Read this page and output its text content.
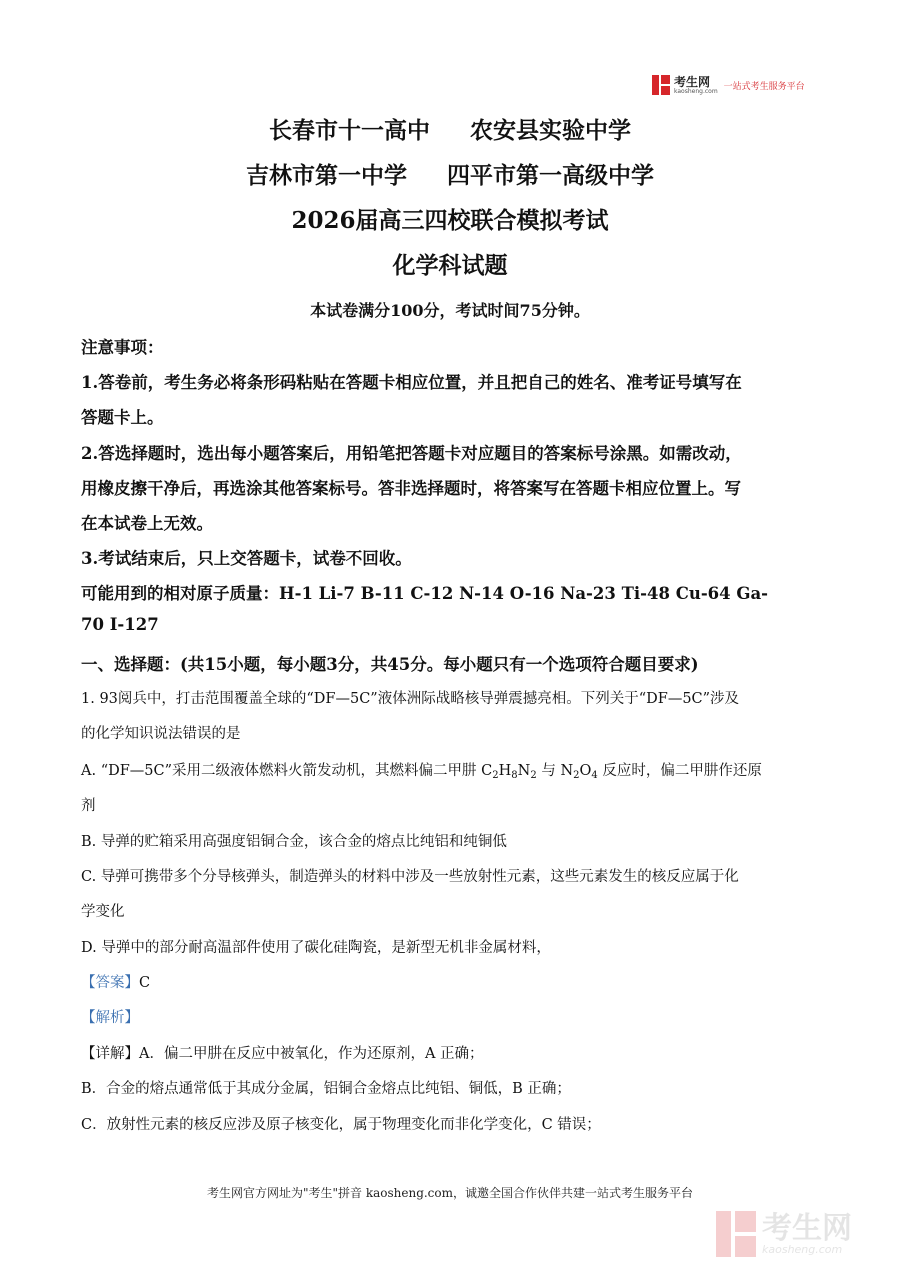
考生网
kaosheng.com 一站式考生服务平台
长春市十一高中     农安县实验中学
吉林市第一中学     四平市第一高级中学
2026届高三四校联合模拟考试
化学科试题
本试卷满分100分，考试时间75分钟。
注意事项：
1.答卷前，考生务必将条形码粘贴在答题卡相应位置，并且把自己的姓名、准考证号填写在
答题卡上。
2.答选择题时，选出每小题答案后，用铅笔把答题卡对应题目的答案标号涂黑。如需改动，
用橡皮擦干净后，再选涂其他答案标号。答非选择题时，将答案写在答题卡相应位置上。写
在本试卷上无效。
3.考试结束后，只上交答题卡，试卷不回收。
可能用到的相对原子质量：H-1 Li-7 B-11 C-12 N-14 O-16 Na-23 Ti-48 Cu-64 Ga-
70 I-127
一、选择题：(共15小题，每小题3分，共45分。每小题只有一个选项符合题目要求)
1. 93阅兵中，打击范围覆盖全球的“DF—5C”液体洲际战略核导弹震撼亮相。下列关于“DF—5C”涉及
的化学知识说法错误的是
A. “DF—5C”采用二级液体燃料火箭发动机，其燃料偏二甲肼 $C_2H_8N_2$ 与 $N_2O_4$ 反应时，偏二甲肼作还原
剂
B. 导弹的贮箱采用高强度铝铜合金，该合金的熔点比纯铝和纯铜低
C. 导弹可携带多个分导核弹头，制造弹头的材料中涉及一些放射性元素，这些元素发生的核反应属于化
学变化
D. 导弹中的部分耐高温部件使用了碳化硅陶瓷，是新型无机非金属材料，
【答案】C
【解析】
【详解】A．偏二甲肼在反应中被氧化，作为还原剂，A 正确；
B．合金的熔点通常低于其成分金属，铝铜合金熔点比纯铝、铜低，B 正确；
C．放射性元素的核反应涉及原子核变化，属于物理变化而非化学变化，C 错误；
考生网官方网址为"考生"拼音 kaosheng.com，诚邀全国合作伙伴共建一站式考生服务平台
考生网
kaosheng.com
